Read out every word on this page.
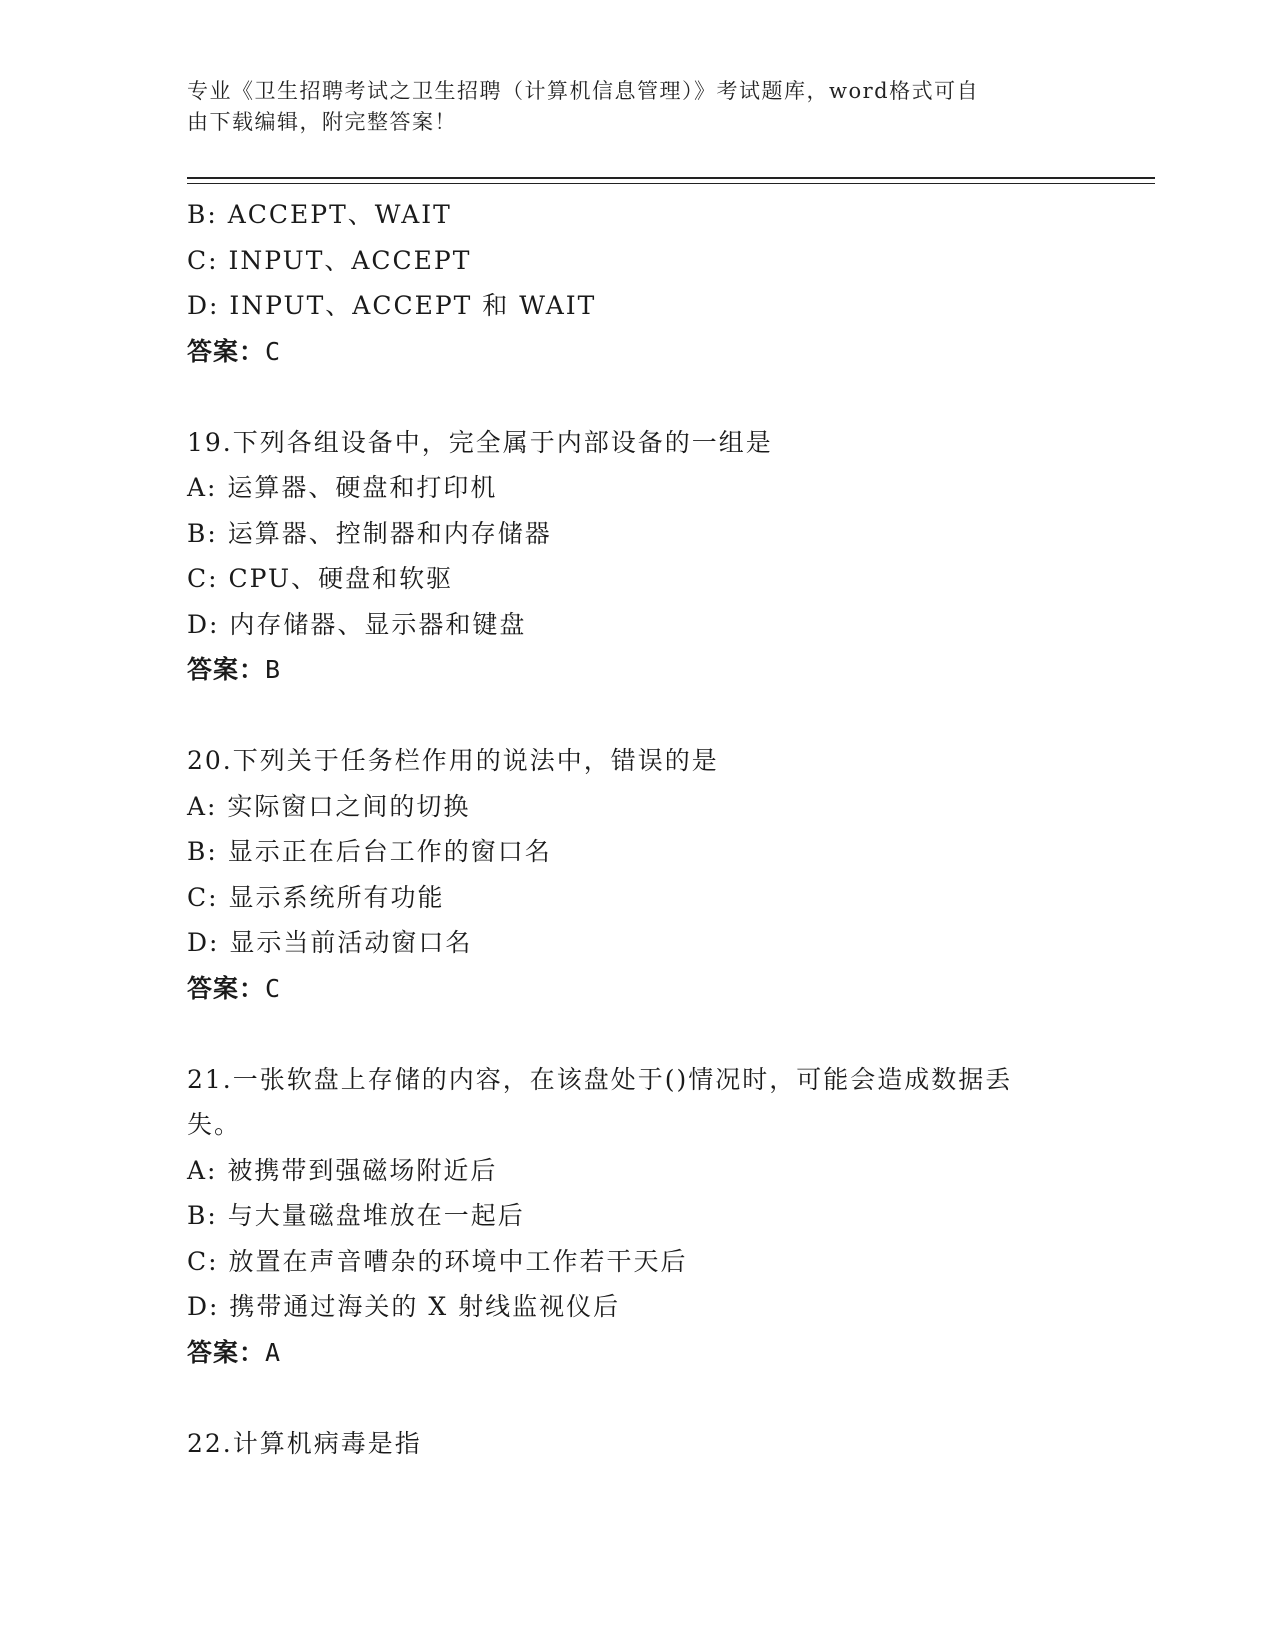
专业《卫生招聘考试之卫生招聘（计算机信息管理）》考试题库，word格式可自
由下载编辑，附完整答案！
B: ACCEPT、WAIT
C: INPUT、ACCEPT
D: INPUT、ACCEPT 和 WAIT
答案：C
19.下列各组设备中，完全属于内部设备的一组是
A: 运算器、硬盘和打印机
B: 运算器、控制器和内存储器
C: CPU、硬盘和软驱
D: 内存储器、显示器和键盘
答案：B
20.下列关于任务栏作用的说法中，错误的是
A: 实际窗口之间的切换
B: 显示正在后台工作的窗口名
C: 显示系统所有功能
D: 显示当前活动窗口名
答案：C
21.一张软盘上存储的内容，在该盘处于()情况时，可能会造成数据丢
失。
A: 被携带到强磁场附近后
B: 与大量磁盘堆放在一起后
C: 放置在声音嘈杂的环境中工作若干天后
D: 携带通过海关的 X 射线监视仪后
答案：A
22.计算机病毒是指
